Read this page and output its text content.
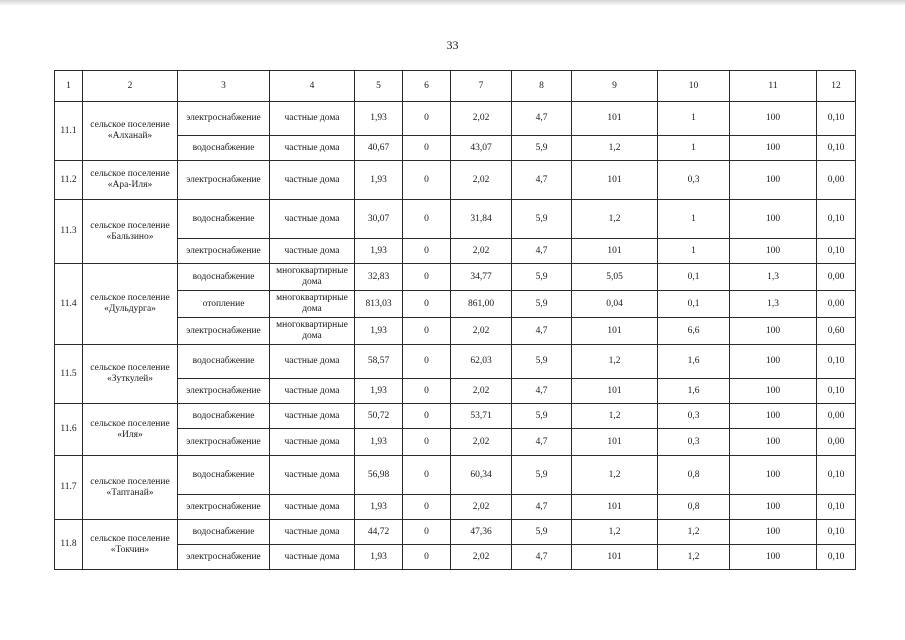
33
1	2	3	4	5	6	7	8	9	10	11	12
11.1	сельское поселение «Алханай»	электроснабжение	частные дома	1,93	0	2,02	4,7	101	1	100	0,10
		водоснабжение	частные дома	40,67	0	43,07	5,9	1,2	1	100	0,10
11.2	сельское поселение «Ара-Иля»	электроснабжение	частные дома	1,93	0	2,02	4,7	101	0,3	100	0,00
11.3	сельское поселение «Бальзино»	водоснабжение	частные дома	30,07	0	31,84	5,9	1,2	1	100	0,10
		электроснабжение	частные дома	1,93	0	2,02	4,7	101	1	100	0,10
11.4	сельское поселение «Дульдурга»	водоснабжение	многоквартирные дома	32,83	0	34,77	5,9	5,05	0,1	1,3	0,00
		отопление	многоквартирные дома	813,03	0	861,00	5,9	0,04	0,1	1,3	0,00
		электроснабжение	многоквартирные дома	1,93	0	2,02	4,7	101	6,6	100	0,60
11.5	сельское поселение «Зуткулей»	водоснабжение	частные дома	58,57	0	62,03	5,9	1,2	1,6	100	0,10
		электроснабжение	частные дома	1,93	0	2,02	4,7	101	1,6	100	0,10
11.6	сельское поселение «Иля»	водоснабжение	частные дома	50,72	0	53,71	5,9	1,2	0,3	100	0,00
		электроснабжение	частные дома	1,93	0	2,02	4,7	101	0,3	100	0,00
11.7	сельское поселение «Таптанай»	водоснабжение	частные дома	56,98	0	60,34	5,9	1,2	0,8	100	0,10
		электроснабжение	частные дома	1,93	0	2,02	4,7	101	0,8	100	0,10
11.8	сельское поселение «Токчин»	водоснабжение	частные дома	44,72	0	47,36	5,9	1,2	1,2	100	0,10
		электроснабжение	частные дома	1,93	0	2,02	4,7	101	1,2	100	0,10
